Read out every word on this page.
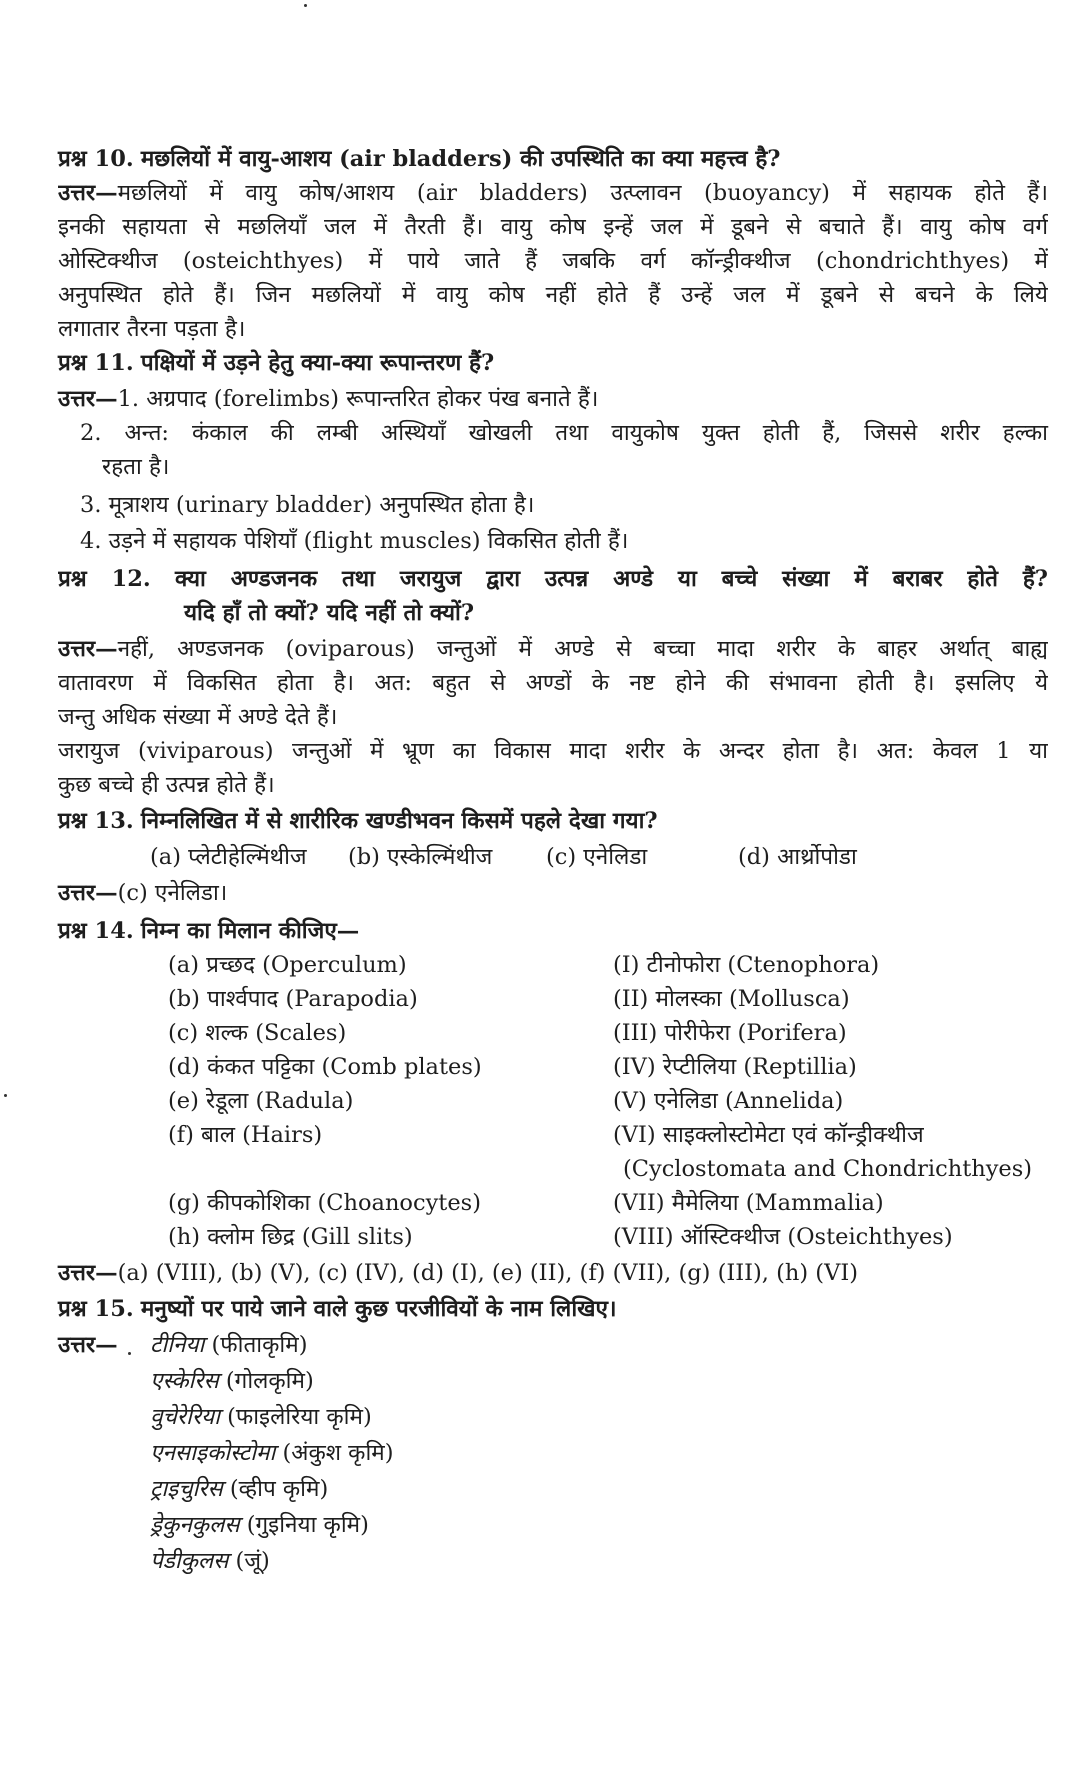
प्रश्न 10. मछलियों में वायु-आशय (air bladders) की उपस्थिति का क्या महत्त्व है?
उत्तर—मछलियों में वायु कोष/आशय (air bladders) उत्प्लावन (buoyancy) में सहायक होते हैं।
इनकी सहायता से मछलियाँ जल में तैरती हैं। वायु कोष इन्हें जल में डूबने से बचाते हैं। वायु कोष वर्ग
ओस्टिक्थीज (osteichthyes) में पाये जाते हैं जबकि वर्ग कॉन्ड्रीक्थीज (chondrichthyes) में
अनुपस्थित होते हैं। जिन मछलियों में वायु कोष नहीं होते हैं उन्हें जल में डूबने से बचने के लिये
लगातार तैरना पड़ता है।
प्रश्न 11. पक्षियों में उड़ने हेतु क्या-क्या रूपान्तरण हैं?
उत्तर—1. अग्रपाद (forelimbs) रूपान्तरित होकर पंख बनाते हैं।
2. अन्त: कंकाल की लम्बी अस्थियाँ खोखली तथा वायुकोष युक्त होती हैं, जिससे शरीर हल्का
रहता है।
3. मूत्राशय (urinary bladder) अनुपस्थित होता है।
4. उड़ने में सहायक पेशियाँ (flight muscles) विकसित होती हैं।
प्रश्न 12. क्या अण्डजनक तथा जरायुज द्वारा उत्पन्न अण्डे या बच्चे संख्या में बराबर होते हैं?
यदि हाँ तो क्यों? यदि नहीं तो क्यों?
उत्तर—नहीं, अण्डजनक (oviparous) जन्तुओं में अण्डे से बच्चा मादा शरीर के बाहर अर्थात् बाह्य
वातावरण में विकसित होता है। अत: बहुत से अण्डों के नष्ट होने की संभावना होती है। इसलिए ये
जन्तु अधिक संख्या में अण्डे देते हैं।
जरायुज (viviparous) जन्तुओं में भ्रूण का विकास मादा शरीर के अन्दर होता है। अत: केवल 1 या
कुछ बच्चे ही उत्पन्न होते हैं।
प्रश्न 13. निम्नलिखित में से शारीरिक खण्डीभवन किसमें पहले देखा गया?
(a) प्लेटीहेल्मिंथीज (b) एस्केल्मिंथीज (c) एनेलिडा	(d) आर्थ्रोपोडा
उत्तर—(c) एनेलिडा।
प्रश्न 14. निम्न का मिलान कीजिए—
(a) प्रच्छद (Operculum)	(I) टीनोफोरा (Ctenophora)
(b) पार्श्वपाद (Parapodia)	(II) मोलस्का (Mollusca)
(c) शल्क (Scales)	(III) पोरीफेरा (Porifera)
(d) कंकत पट्टिका (Comb plates)	(IV) रेप्टीलिया (Reptillia)
(e) रेडूला (Radula)	(V) एनेलिडा (Annelida)
(f) बाल (Hairs)	(VI) साइक्लोस्टोमेटा एवं कॉन्ड्रीक्थीज
(Cyclostomata and Chondrichthyes)
(g) कीपकोशिका (Choanocytes)	(VII) मैमेलिया (Mammalia)
(h) क्लोम छिद्र (Gill slits)	(VIII) ऑस्टिक्थीज (Osteichthyes)
उत्तर—(a) (VIII), (b) (V), (c) (IV), (d) (I), (e) (II), (f) (VII), (g) (III), (h) (VI)
प्रश्न 15. मनुष्यों पर पाये जाने वाले कुछ परजीवियों के नाम लिखिए।
उत्तर— टीनिया (फीताकृमि)
एस्केरिस (गोलकृमि)
वुचेरेरिया (फाइलेरिया कृमि)
एनसाइकोस्टोमा (अंकुश कृमि)
ट्राइचुरिस (व्हीप कृमि)
ड्रेकुनकुलस (गुइनिया कृमि)
पेडीकुलस (जूं)
